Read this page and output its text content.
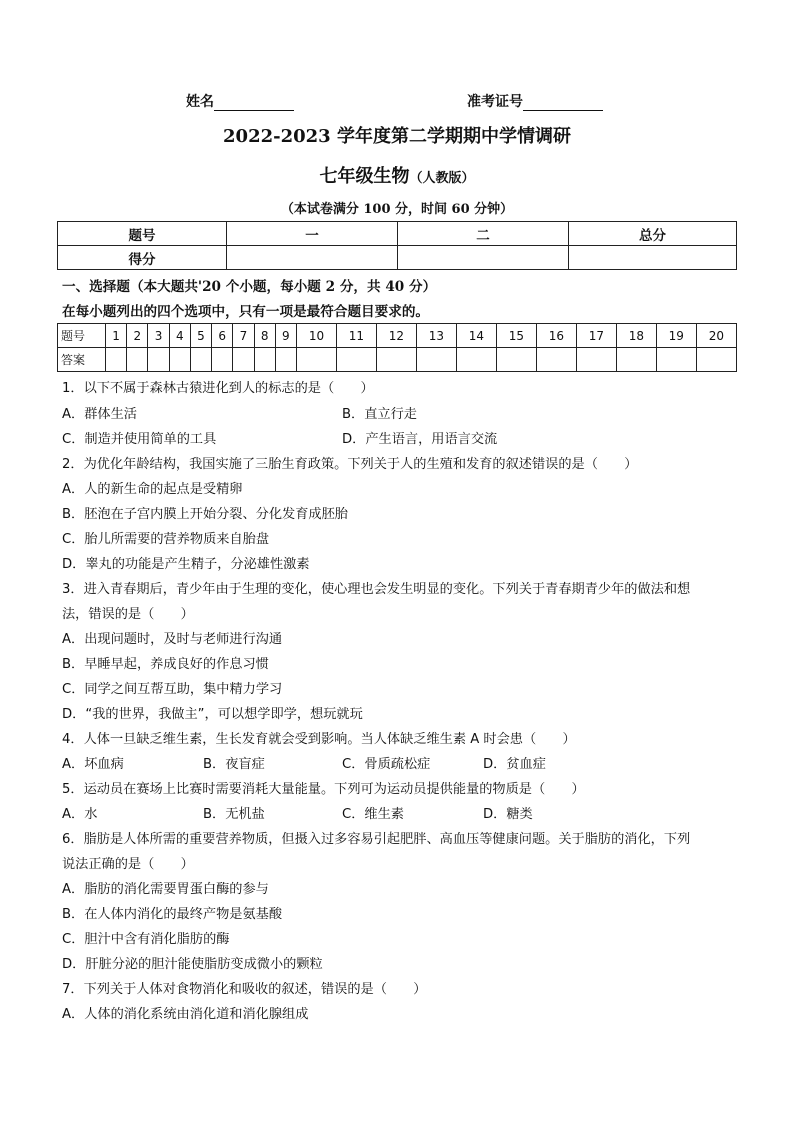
姓名	准考证号
2022-2023 学年度第二学期期中学情调研
七年级生物（人教版）
（本试卷满分 100 分，时间 60 分钟）
题号	一	二	总分
得分			
一、选择题（本大题共'20 个小题，每小题 2 分，共 40 分）
在每小题列出的四个选项中，只有一项是最符合题目要求的。
题号	1	2	3	4	5	6	7	8	9	10	11	12	13	14	15	16	17	18	19	20
答案																				
1．以下不属于森林古猿进化到人的标志的是（　　）
A．群体生活	B．直立行走
C．制造并使用简单的工具	D．产生语言，用语言交流
2．为优化年龄结构，我国实施了三胎生育政策。下列关于人的生殖和发育的叙述错误的是（　　）
A．人的新生命的起点是受精卵
B．胚泡在子宫内膜上开始分裂、分化发育成胚胎
C．胎儿所需要的营养物质来自胎盘
D．睾丸的功能是产生精子，分泌雄性激素
3．进入青春期后，青少年由于生理的变化，使心理也会发生明显的变化。下列关于青春期青少年的做法和想
法，错误的是（　　）
A．出现问题时，及时与老师进行沟通
B．早睡早起，养成良好的作息习惯
C．同学之间互帮互助，集中精力学习
D．“我的世界，我做主”，可以想学即学，想玩就玩
4．人体一旦缺乏维生素，生长发育就会受到影响。当人体缺乏维生素 A 时会患（　　）
A．坏血病	B．夜盲症	C．骨质疏松症	D．贫血症
5．运动员在赛场上比赛时需要消耗大量能量。下列可为运动员提供能量的物质是（　　）
A．水	B．无机盐	C．维生素	D．糖类
6．脂肪是人体所需的重要营养物质，但摄入过多容易引起肥胖、高血压等健康问题。关于脂肪的消化，下列
说法正确的是（　　）
A．脂肪的消化需要胃蛋白酶的参与
B．在人体内消化的最终产物是氨基酸
C．胆汁中含有消化脂肪的酶
D．肝脏分泌的胆汁能使脂肪变成微小的颗粒
7．下列关于人体对食物消化和吸收的叙述，错误的是（　　）
A．人体的消化系统由消化道和消化腺组成
